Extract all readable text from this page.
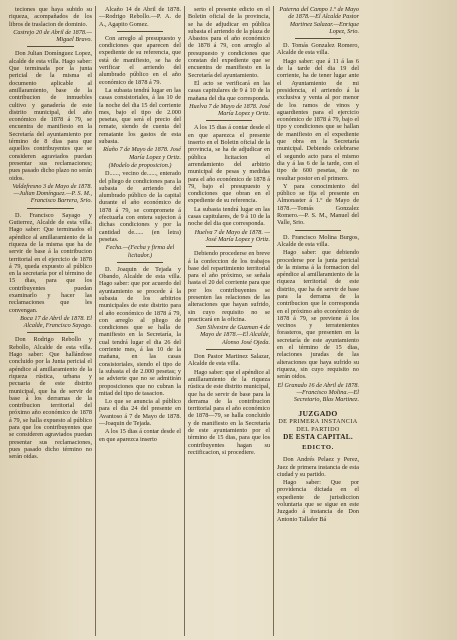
teciones que haya subido su riqueza, acompañados de los libros de traslacion de dominio.

Castrejo 20 de Abril de 1878.—Miguel Bravo.

Don Julian Domínguez Lopez, alcalde de esta villa. Hago saber: Que terminada por la junta pericial de la misma el documento aplicable al amillaramiento, base de la contribucion de inmuebles cultivo y ganadería de este distrito municipal, del año económico de 1878 á 79, se encuentra de manifiesto en la Secretaría del ayuntamiento por término de 8 dias para que aquellos contribuyentes que se consideren agraviados puedan presentar sus reclamaciones; pues pasado dicho plazo no serán oidos.

Valdefresno 3 de Mayo de 1878.—Julian Domínguez.—P. S. M., Francisco Barrera, Srio.

D. Francisco Sayago y Gutierrez, Alcalde de esta villa. Hago saber: Que terminados el apéndice al amillaramiento de la riqueza de la misma que ha de servir de base á la contribucion territorial en el ejercicio de 1878 á 79, queda expuesto al público en la secretaría por el término de 15 dias, para que los contribuyentes puedan examinarlo y hacer las reclamaciones que les convengan.

Boca 17 de Abril de 1878. El Alcalde, Francisco Sayago.

Don Rodrigo Rebollo y Rebollo, Alcalde de esta villa. Hago saber: Que hallándose concluido por la Junta pericial el apéndice al amillaramiento de la riqueza rústica, urbana y pecuaria de este distrito municipal, que ha de servir de base á los derramas de la contribucion territorial del próximo año económico de 1878 á 79, se halla expuesto al público para que los contribuyentes que se consideren agraviados puedan presentar sus reclamaciones, pues pasado dicho término no serán oidas.

Alcaño 14 de Abril de 1878.—Rodrigo Rebollo.—P. A. de A., Agapito Gomez.

Con arreglo al presupuesto y condiciones que aparecen del expediente de su referencia, que está de manifiesto, se ha de verificar el arriendo del alumbrado público en el año económico de 1878 á 79.

La subasta tendrá lugar en las casas consistoriales, á las 10 de la noche del dia 15 del corriente mes, bajo el tipo de 2.000 pesetas, que será el precio del remate, siendo de cuenta del rematante los gastos de esta subasta.

Ríaño 7 de Mayo de 1878. José María Lopez y Ortiz.

(Modelo de proposicion.)

D......, vecino de......, enterado del pliego de condiciones para la subasta de arriendo del alumbrado público de la capital durante el año económico de 1878 á 79, se compromete á efectuarla con entera sujecion á dichas condiciones y por la cantidad de...... (en letra) pesetas.

Fecha.—(Fecha y firma del licitador.)

D. Joaquin de Tejada y Obando, Alcalde de esta villa. Hago saber: que por acuerdo del ayuntamiento se procede á la subasta de los arbitrios municipales de este distrito para el año económico de 1878 á 79, con arreglo al pliego de condiciones que se halla de manifiesto en la Secretaría, la cual tendrá lugar el dia 26 del corriente mes, á las 10 de la mañana, en las casas consistoriales, siendo el tipo de la subasta el de 2.000 pesetas; y se advierte que no se admitirán proposiciones que no cubran la mitad del tipo de tasacion.

Lo que se anuncia al público para el dia 24 del presente en Avantoso á 7 de Mayo de 1878.—Joaquin de Tejada.

A los 15 dias á contar desde el en que aparezca inserto

serto el presente edicto en el Boletin oficial de la provincia, se ha de adjudicar en pública subasta el arriendo de la plaza de Abastos para el año económico de 1878 á 79, con arreglo al presupuesto y condiciones que constan del expediente que se encuentra de manifiesto en la Secretaría del ayuntamiento.

El acto se verificará en las casas capitulares de 9 á 10 de la mañana del dia que corresponda.

Huelva 7 de Mayo de 1878. José María Lopez y Ortiz.

A los 15 dias á contar desde el en que aparezca el presente inserto en el Boletin oficial de la provincia, se ha de adjudicar en pública licitacion el arrendamiento del arbitrio municipal de pesas y medidas para el año económico de 1878 á 79, bajo el presupuesto y condiciones que obran en el expediente de su referencia.

La subasta tendrá lugar en las casas capitulares, de 9 á 10 de la noche del dia que corresponda.

Huelva 7 de Mayo de 1878. —José María Lopez y Ortiz.

Debiendo procederse en breve á la confeccion de los trabajos base del repartimiento territorial para el año próximo, se señala hasta el 20 del corriente para que por los contribuyentes se presenten las relaciones de las alteraciones que hayan sufrido, sin cuyo requisito no se practicará en la oficina.

San Silvestre de Guzman 4 de Mayo de 1878.—El Alcalde, Alonso José Ojeda.

Don Pastor Martinez Salazar, Alcalde de esta villa.

Hago saber: que el apéndice al amillaramiento de la riqueza rústica de este distrito municipal, que ha de servir de base para la derrama de la contribucion territorial para el año económico de 1878—79, se halla concluido y de manifiesto en la Secretaría de este ayuntamiento por el término de 15 dias, para que los contribuyentes hagan su rectificacion, si procediere.

Paterna del Campo 1.º de Mayo de 1878.—El Alcalde Pastor Martinez Salazar.—Enrique Lopez, Srio.

D. Tomás Gonzalez Romero, Alcalde de esta villa.

Hago saber: que á 11 á las 6 de la tarde del dia 19 del corriente, ha de tener lugar ante el Ayuntamiento de mi presidencia, el arriendo á la exclusiva y venta al por menor de los ramos de vinos y aguardientes para el ejercicio económico de 1878 á 79, bajo el tipo y condiciones que se hallan de manifiesto en el expediente que obra en la Secretaría municipal. Debiendo celebrarse el segundo acto para el mismo dia y á las 6 de la tarde, con el tipo de 600 pesetas, de no resultar postor en el primero.

Y para conocimiento del público se fija el presente en Almonaster á 1.º de Mayo de 1878.—Tomás Gonzalez Romero.—P. S. M., Manuel del Valle, Srio.

D. Francisco Molina Burgos, Alcalde de esta villa.

Hago saber: que debiendo procederse por la junta pericial de la misma á la formacion del apéndice al amillaramiento de la riqueza territorial de este distrito, que ha de servir de base para la derrama de la contribucion que le corresponda en el próximo año económico de 1878 á 79, se previene á los vecinos y terratenientes forasteros, que presenten en la secretaría de este ayuntamiento en el término de 15 dias, relaciones juradas de las alteraciones que haya sufrido su riqueza, sin cuyo requisito no serán oidos.

El Granado 16 de Abril de 1878. —Francisco Molina.—El Secretario, Blas Martinez.

JUZGADO
DE PRIMERA INSTANCIA
DEL PARTIDO
DE ESTA CAPITAL.
EDICTO.

Don Andrés Pelaez y Perez, Juez de primera instancia de esta ciudad y su partido.

Hago saber: Que por providencia dictada en el expediente de jurisdiccion voluntaria que se sigue en este Juzgado á instancia de Don Antonio Tallafer Bá
